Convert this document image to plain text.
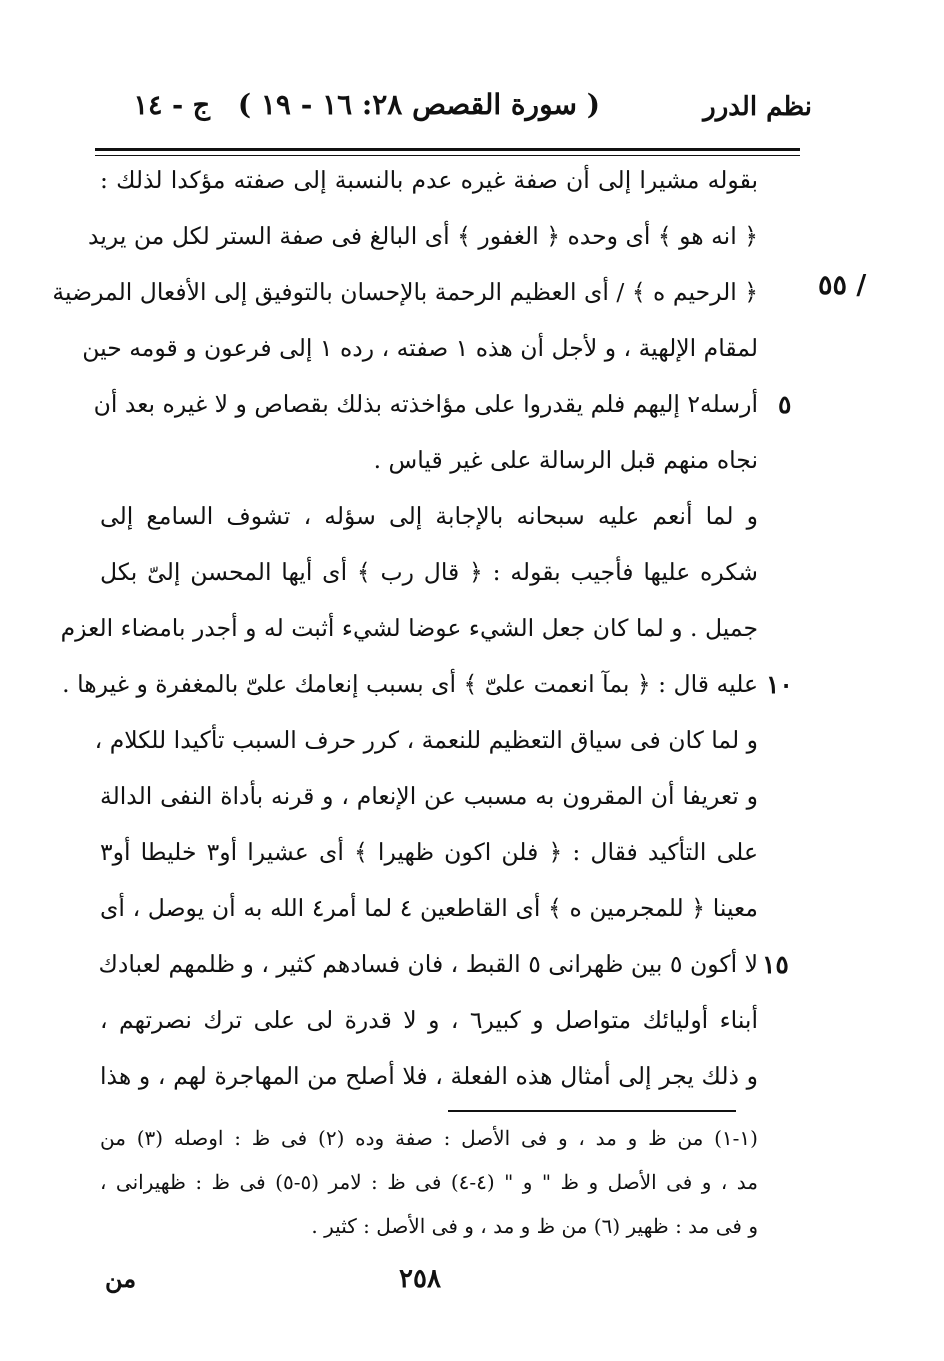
ج - ١٤ ( سورة القصص ٢٨: ١٦ - ١٩ )	نظم الدرر
٥٥ /
بقوله مشيرا إلى أن صفة غيره عدم بالنسبة إلى صفته مؤكدا لذلك :
﴿ انه هو ﴾ أى وحده ﴿ الغفور ﴾ أى البالغ فى صفة الستر لكل من يريد
﴿ الرحيم ه ﴾ / أى العظيم الرحمة بالإحسان بالتوفيق إلى الأفعال المرضية
لمقام الإلهية ، و لأجل أن هذه ١ صفته ، رده ١ إلى فرعون و قومه حين
أرسله٢ إليهم فلم يقدروا على مؤاخذته بذلك بقصاص و لا غيره بعد أن
نجاه منهم قبل الرسالة على غير قياس .
و لما أنعم عليه سبحانه بالإجابة إلى سؤله ، تشوف السامع إلى
شكره عليها فأجيب بقوله : ﴿ قال رب ﴾ أى أيها المحسن إلىّ بكل
جميل . و لما كان جعل الشيء عوضا لشيء أثبت له و أجدر بامضاء العزم
عليه قال : ﴿ بمآ انعمت علىّ ﴾ أى بسبب إنعامك علىّ بالمغفرة و غيرها .
و لما كان فى سياق التعظيم للنعمة ، كرر حرف السبب تأكيدا للكلام ،
و تعريفا أن المقرون به مسبب عن الإنعام ، و قرنه بأداة النفى الدالة
على التأكيد فقال : ﴿ فلن اكون ظهيرا ﴾ أى عشيرا أو٣ خليطا أو٣
معينا ﴿ للمجرمين ه ﴾ أى القاطعين ٤ لما أمر٤ الله به أن يوصل ، أى
لا أكون ٥ بين ظهرانى ٥ القبط ، فان فسادهم كثير ، و ظلمهم لعبادك
أبناء أوليائك متواصل و كبير٦ ، و لا قدرة لى على ترك نصرتهم ،
و ذلك يجر إلى أمثال هذه الفعلة ، فلا أصلح من المهاجرة لهم ، و هذا
٥
١٠
١٥
(١-١) من ظ و مد ، و فى الأصل : صفة وده (٢) فى ظ : اوصله (٣) من
مد ، و فى الأصل و ظ " و " (٤-٤) فى ظ : لامر (٥-٥) فى ظ : ظهيرانى ،
و فى مد : ظهير (٦) من ظ و مد ، و فى الأصل : كثير .
٢٥٨
من
